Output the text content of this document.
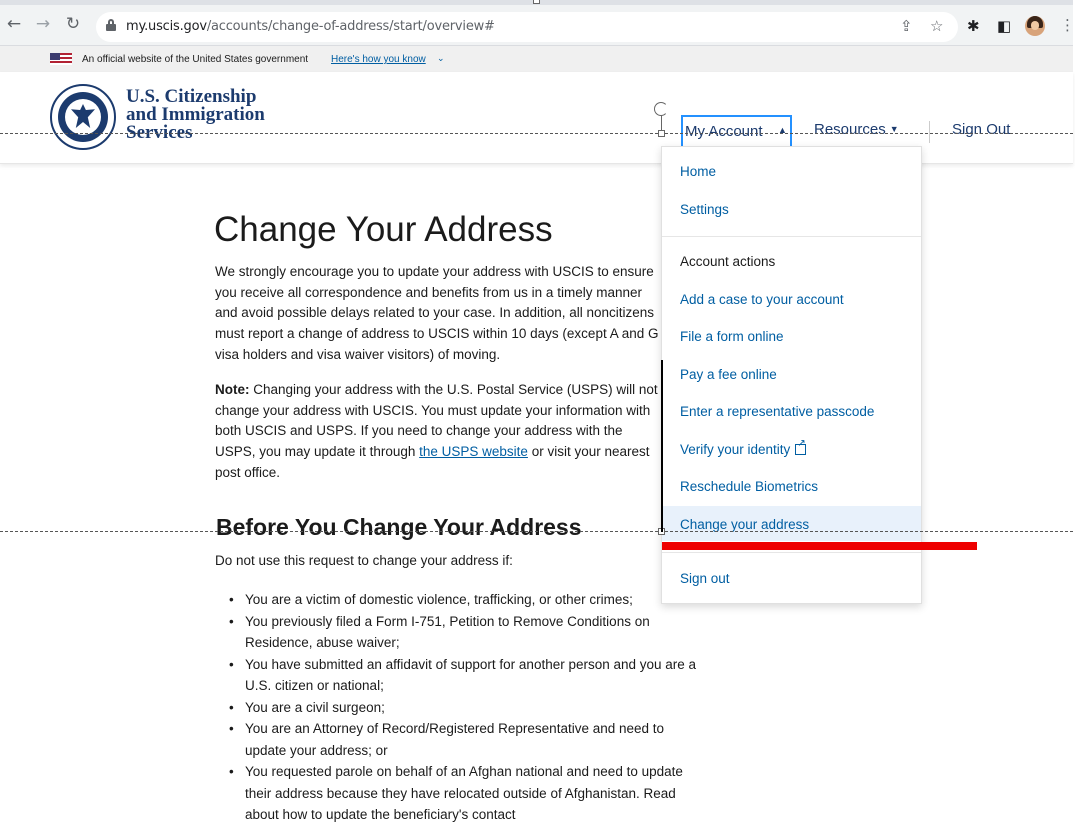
← → ↻	my.uscis.gov/accounts/change-of-address/start/overview#	⇪ ☆ ✱ ◧	⋮
An official website of the United States government Here's how you know ⌄
U.S. Citizenship
and Immigration
Services	My Account ▲ Resources ▼	Sign Out
Change Your Address

We strongly encourage you to update your address with USCIS to ensure you receive all correspondence and benefits from us in a timely manner and avoid possible delays related to your case. In addition, all noncitizens must report a change of address to USCIS within 10 days (except A and G visa holders and visa waiver visitors) of moving.

Note: Changing your address with the U.S. Postal Service (USPS) will not change your address with USCIS. You must update your information with both USCIS and USPS. If you need to change your address with the USPS, you may update it through the USPS website or visit your nearest post office.

Before You Change Your Address

Do not use this request to change your address if:

• You are a victim of domestic violence, trafficking, or other crimes;
• You previously filed a Form I-751, Petition to Remove Conditions on Residence, abuse waiver;
• You have submitted an affidavit of support for another person and you are a U.S. citizen or national;
• You are a civil surgeon;
• You are an Attorney of Record/Registered Representative and need to update your address; or
• You requested parole on behalf of an Afghan national and need to update their address because they have relocated outside of Afghanistan. Read about how to update the beneficiary's contact
Home
Settings
Account actions
Add a case to your account
File a form online
Pay a fee online
Enter a representative passcode
Verify your identity↗
Reschedule Biometrics
Change your address
Sign out
